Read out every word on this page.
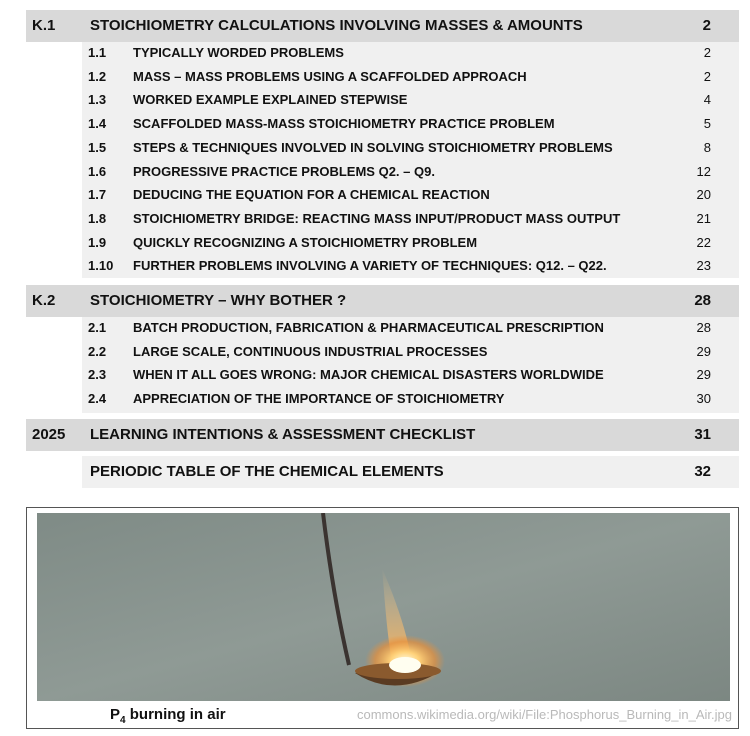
K.1 STOICHIOMETRY CALCULATIONS INVOLVING MASSES & AMOUNTS	2
1.1 TYPICALLY WORDED PROBLEMS	2
1.2 MASS – MASS PROBLEMS USING A SCAFFOLDED APPROACH	2
1.3 WORKED EXAMPLE EXPLAINED STEPWISE	4
1.4 SCAFFOLDED MASS-MASS STOICHIOMETRY PRACTICE PROBLEM	5
1.5 STEPS & TECHNIQUES INVOLVED IN SOLVING STOICHIOMETRY PROBLEMS	8
1.6 PROGRESSIVE PRACTICE PROBLEMS Q2. – Q9.	12
1.7 DEDUCING THE EQUATION FOR A CHEMICAL REACTION	20
1.8 STOICHIOMETRY BRIDGE: REACTING MASS INPUT/PRODUCT MASS OUTPUT	21
1.9 QUICKLY RECOGNIZING A STOICHIOMETRY PROBLEM	22
1.10 FURTHER PROBLEMS INVOLVING A VARIETY OF TECHNIQUES: Q12. – Q22.	23
K.2 STOICHIOMETRY – WHY BOTHER ?	28
2.1 BATCH PRODUCTION, FABRICATION & PHARMACEUTICAL PRESCRIPTION	28
2.2 LARGE SCALE, CONTINUOUS INDUSTRIAL PROCESSES	29
2.3 WHEN IT ALL GOES WRONG: MAJOR CHEMICAL DISASTERS WORLDWIDE	29
2.4 APPRECIATION OF THE IMPORTANCE OF STOICHIOMETRY	30
2025 LEARNING INTENTIONS & ASSESSMENT CHECKLIST	31
PERIODIC TABLE OF THE CHEMICAL ELEMENTS	32
$P_4$ burning in air	commons.wikimedia.org/wiki/File:Phosphorus_Burning_in_Air.jpg
